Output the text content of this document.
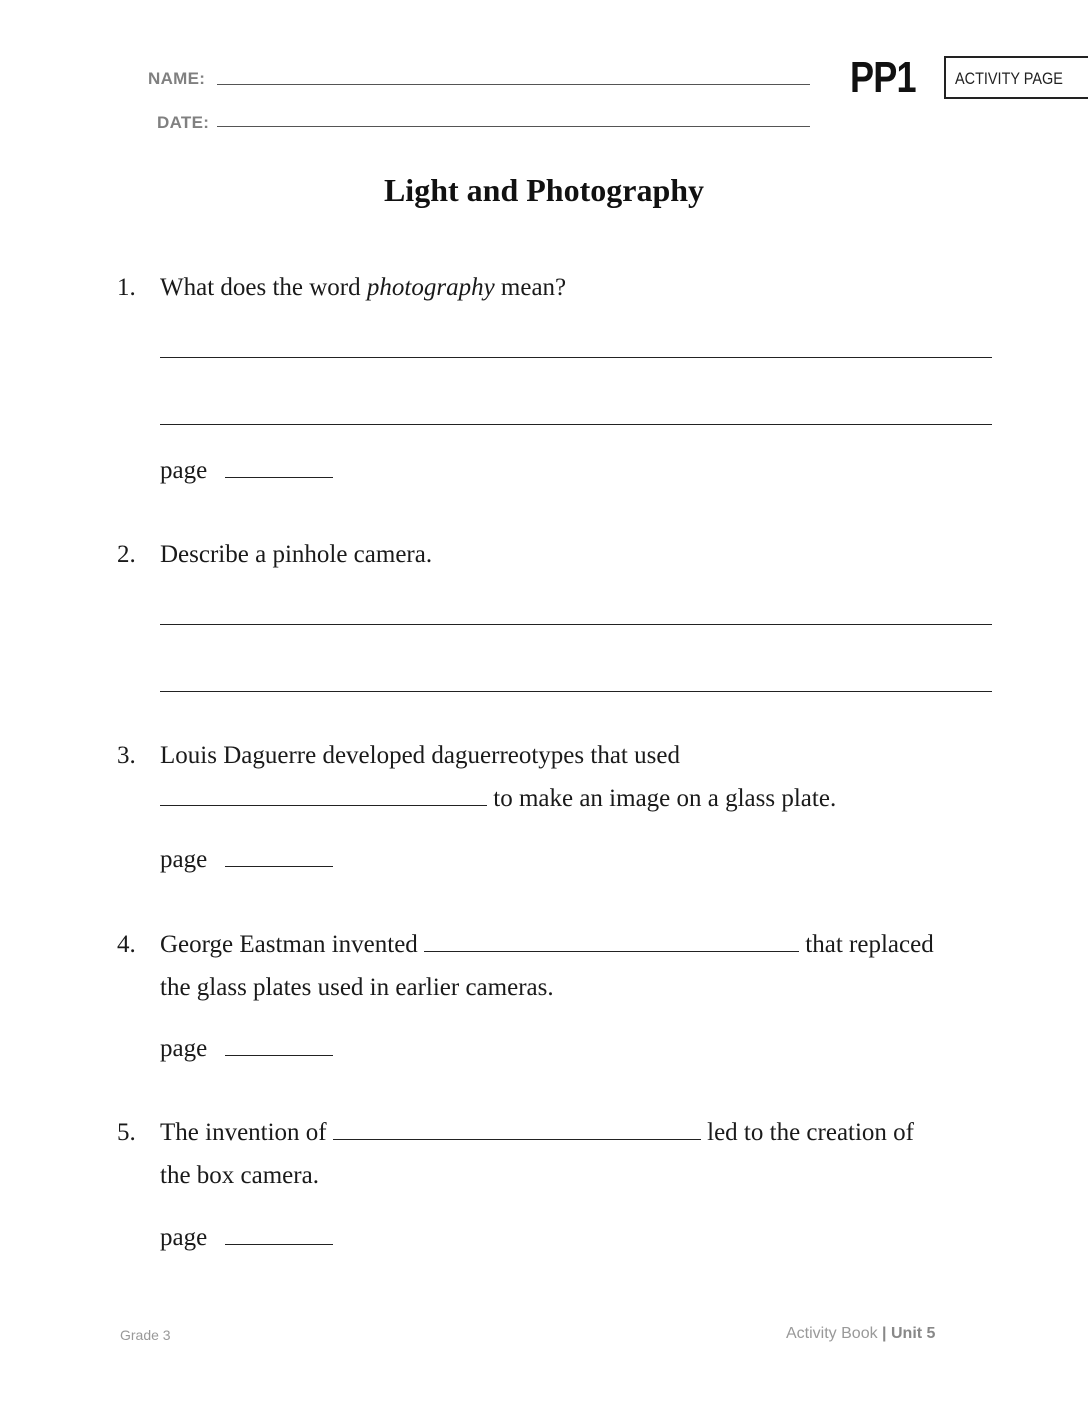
NAME:
DATE:
PP1 ACTIVITY PAGE
Light and Photography
1. What does the word photography mean?
page
2. Describe a pinhole camera.
3. Louis Daguerre developed daguerreotypes that used
to make an image on a glass plate.
page
4. George Eastman invented	that replaced
the glass plates used in earlier cameras.
page
5. The invention of	led to the creation of
the box camera.
page
Grade 3	Activity Book | Unit 5
